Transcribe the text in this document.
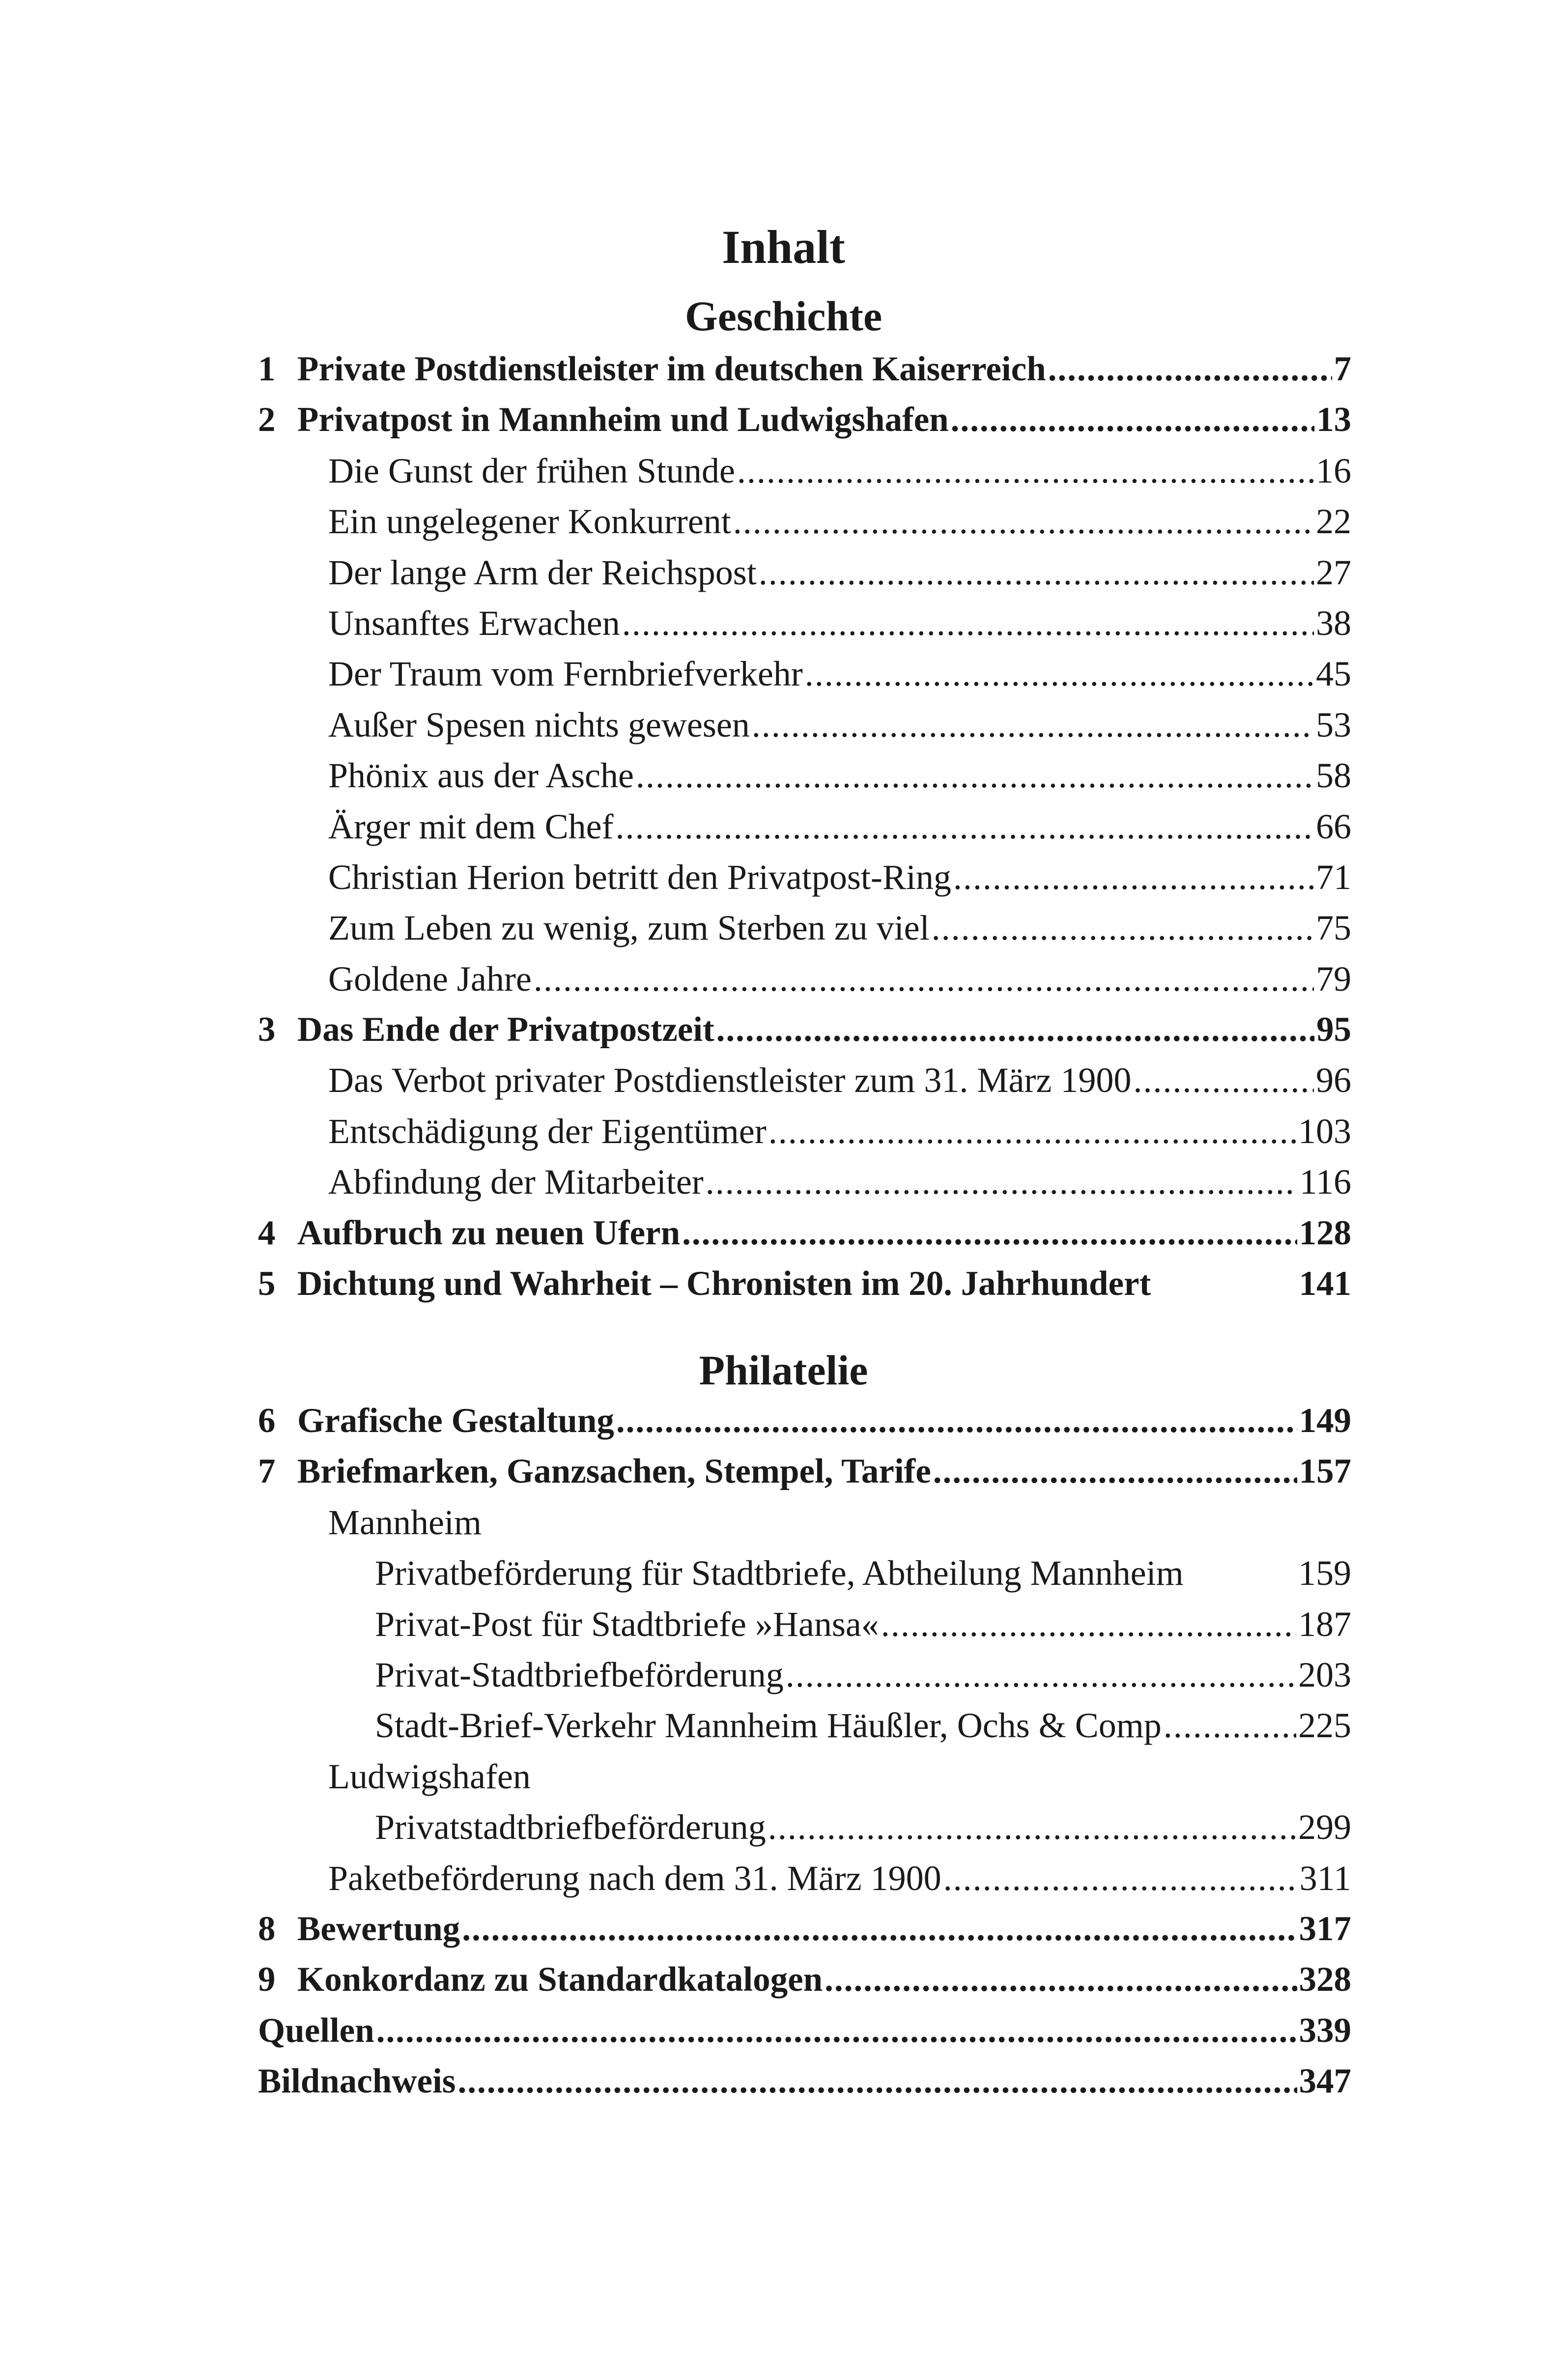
Inhalt
Geschichte
1 Private Postdienstleister im deutschen Kaiserreich .....	7
2 Privatpost in Mannheim und Ludwigshafen .....	13
Die Gunst der frühen Stunde .....	16
Ein ungelegener Konkurrent .....	22
Der lange Arm der Reichspost .....	27
Unsanftes Erwachen .....	38
Der Traum vom Fernbriefverkehr .....	45
Außer Spesen nichts gewesen .....	53
Phönix aus der Asche .....	58
Ärger mit dem Chef .....	66
Christian Herion betritt den Privatpost-Ring .....	71
Zum Leben zu wenig, zum Sterben zu viel .....	75
Goldene Jahre .....	79
3 Das Ende der Privatpostzeit .....	95
Das Verbot privater Postdienstleister zum 31. März 1900 .....	96
Entschädigung der Eigentümer .....	103
Abfindung der Mitarbeiter .....	116
4 Aufbruch zu neuen Ufern .....	128
5 Dichtung und Wahrheit – Chronisten im 20. Jahrhundert	141
Philatelie
6 Grafische Gestaltung .....	149
7 Briefmarken, Ganzsachen, Stempel, Tarife .....	157
Mannheim
Privatbeförderung für Stadtbriefe, Abtheilung Mannheim	159
Privat-Post für Stadtbriefe »Hansa« .....	187
Privat-Stadtbriefbeförderung .....	203
Stadt-Brief-Verkehr Mannheim Häußler, Ochs & Comp .....	225
Ludwigshafen
Privatstadtbriefbeförderung .....	299
Paketbeförderung nach dem 31. März 1900 .....	311
8 Bewertung .....	317
9 Konkordanz zu Standardkatalogen .....	328
Quellen .....	339
Bildnachweis .....	347
